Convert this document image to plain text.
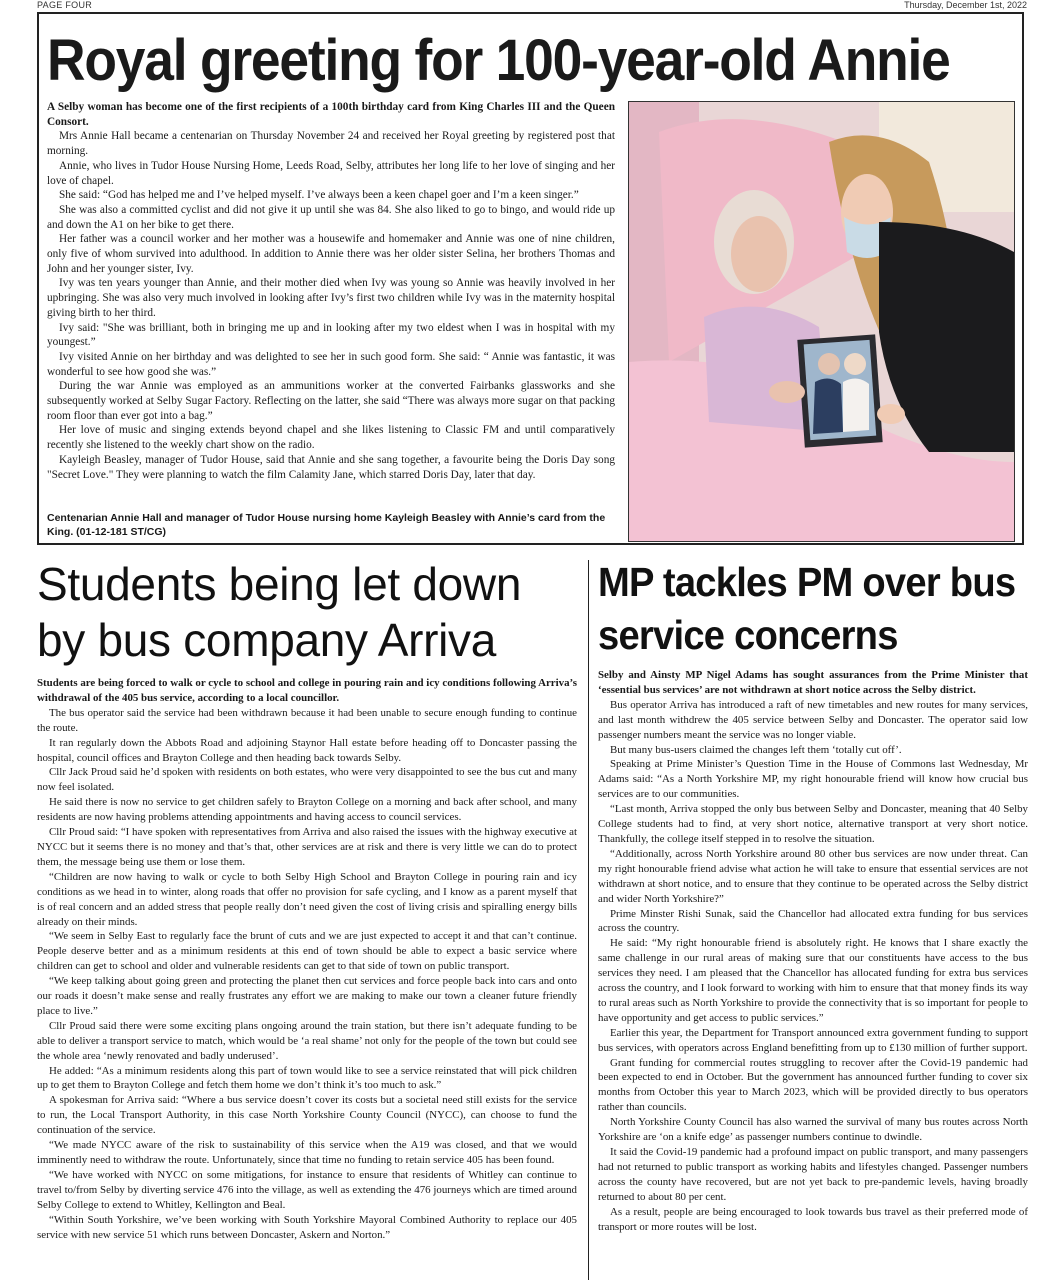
PAGE FOUR	Thursday, December 1st, 2022
Royal greeting for 100-year-old Annie

A Selby woman has become one of the first recipients of a 100th birthday card from King Charles III and the Queen Consort.

Mrs Annie Hall became a centenarian on Thursday November 24 and received her Royal greeting by registered post that morning.

Annie, who lives in Tudor House Nursing Home, Leeds Road, Selby, attributes her long life to her love of singing and her love of chapel.

She said: “God has helped me and I’ve helped myself. I’ve always been a keen chapel goer and I’m a keen singer.”

She was also a committed cyclist and did not give it up until she was 84. She also liked to go to bingo, and would ride up and down the A1 on her bike to get there.

Her father was a council worker and her mother was a housewife and homemaker and Annie was one of nine children, only five of whom survived into adulthood. In addition to Annie there was her older sister Selina, her brothers Thomas and John and her younger sister, Ivy.

Ivy was ten years younger than Annie, and their mother died when Ivy was young so Annie was heavily involved in her upbringing. She was also very much involved in looking after Ivy’s first two children while Ivy was in the maternity hospital giving birth to her third.

Ivy said: "She was brilliant, both in bringing me up and in looking after my two eldest when I was in hospital with my youngest.”

Ivy visited Annie on her birthday and was delighted to see her in such good form. She said: “ Annie was fantastic, it was wonderful to see how good she was.”

During the war Annie was employed as an ammunitions worker at the converted Fairbanks glassworks and she subsequently worked at Selby Sugar Factory. Reflecting on the latter, she said “There was always more sugar on that packing room floor than ever got into a bag.”

Her love of music and singing extends beyond chapel and she likes listening to Classic FM and until comparatively recently she listened to the weekly chart show on the radio.

Kayleigh Beasley, manager of Tudor House, said that Annie and she sang together, a favourite being the Doris Day song "Secret Love." They were planning to watch the film Calamity Jane, which starred Doris Day, later that day.

Centenarian Annie Hall and manager of Tudor House nursing home Kayleigh Beasley with Annie’s card from the King. (01-12-181 ST/CG)
Students being let down by bus company Arriva

Students are being forced to walk or cycle to school and college in pouring rain and icy conditions following Arriva’s withdrawal of the 405 bus service, according to a local councillor.

The bus operator said the service had been withdrawn because it had been unable to secure enough funding to continue the route.

It ran regularly down the Abbots Road and adjoining Staynor Hall estate before heading off to Doncaster passing the hospital, council offices and Brayton College and then heading back towards Selby.

Cllr Jack Proud said he’d spoken with residents on both estates, who were very disappointed to see the bus cut and many now feel isolated.

He said there is now no service to get children safely to Brayton College on a morning and back after school, and many residents are now having problems attending appointments and having access to council services.

Cllr Proud said: “I have spoken with representatives from Arriva and also raised the issues with the highway executive at NYCC but it seems there is no money and that’s that, other services are at risk and there is very little we can do to protect them, the message being use them or lose them.

“Children are now having to walk or cycle to both Selby High School and Brayton College in pouring rain and icy conditions as we head in to winter, along roads that offer no provision for safe cycling, and I know as a parent myself that is of real concern and an added stress that people really don’t need given the cost of living crisis and spiralling energy bills already on their minds.

“We seem in Selby East to regularly face the brunt of cuts and we are just expected to accept it and that can’t continue. People deserve better and as a minimum residents at this end of town should be able to expect a basic service where children can get to school and older and vulnerable residents can get to that side of town on public transport.

“We keep talking about going green and protecting the planet then cut services and force people back into cars and onto our roads it doesn’t make sense and really frustrates any effort we are making to make our town a cleaner future friendly place to live.”

Cllr Proud said there were some exciting plans ongoing around the train station, but there isn’t adequate funding to be able to deliver a transport service to match, which would be ‘a real shame’ not only for the people of the town but could see the whole area ‘newly renovated and badly underused’.

He added: “As a minimum residents along this part of town would like to see a service reinstated that will pick children up to get them to Brayton College and fetch them home we don’t think it’s too much to ask.”

A spokesman for Arriva said: “Where a bus service doesn’t cover its costs but a societal need still exists for the service to run, the Local Transport Authority, in this case North Yorkshire County Council (NYCC), can choose to fund the continuation of the service.

“We made NYCC aware of the risk to sustainability of this service when the A19 was closed, and that we would imminently need to withdraw the route. Unfortunately, since that time no funding to retain service 405 has been found.

“We have worked with NYCC on some mitigations, for instance to ensure that residents of Whitley can continue to travel to/from Selby by diverting service 476 into the village, as well as extending the 476 journeys which are timed around Selby College to extend to Whitley, Kellington and Beal.

“Within South Yorkshire, we’ve been working with South Yorkshire Mayoral Combined Authority to replace our 405 service with new service 51 which runs between Doncaster, Askern and Norton.”

MP tackles PM over bus service concerns

Selby and Ainsty MP Nigel Adams has sought assurances from the Prime Minister that ‘essential bus services’ are not withdrawn at short notice across the Selby district.

Bus operator Arriva has introduced a raft of new timetables and new routes for many services, and last month withdrew the 405 service between Selby and Doncaster. The operator said low passenger numbers meant the service was no longer viable.

But many bus-users claimed the changes left them ‘totally cut off’.

Speaking at Prime Minister’s Question Time in the House of Commons last Wednesday, Mr Adams said: “As a North Yorkshire MP, my right honourable friend will know how crucial bus services are to our communities.

“Last month, Arriva stopped the only bus between Selby and Doncaster, meaning that 40 Selby College students had to find, at very short notice, alternative transport at very short notice. Thankfully, the college itself stepped in to resolve the situation.

“Additionally, across North Yorkshire around 80 other bus services are now under threat. Can my right honourable friend advise what action he will take to ensure that essential services are not withdrawn at short notice, and to ensure that they continue to be operated across the Selby district and wider North Yorkshire?”

Prime Minster Rishi Sunak, said the Chancellor had allocated extra funding for bus services across the country.

He said: “My right honourable friend is absolutely right. He knows that I share exactly the same challenge in our rural areas of making sure that our constituents have access to the bus services they need. I am pleased that the Chancellor has allocated funding for extra bus services across the country, and I look forward to working with him to ensure that that money finds its way to rural areas such as North Yorkshire to provide the connectivity that is so important for people to have opportunity and get access to public services.”

Earlier this year, the Department for Transport announced extra government funding to support bus services, with operators across England benefitting from up to £130 million of further support.

Grant funding for commercial routes struggling to recover after the Covid-19 pandemic had been expected to end in October. But the government has announced further funding to cover six months from October this year to March 2023, which will be provided directly to bus operators rather than councils.

North Yorkshire County Council has also warned the survival of many bus routes across North Yorkshire are ‘on a knife edge’ as passenger numbers continue to dwindle.

It said the Covid-19 pandemic had a profound impact on public transport, and many passengers had not returned to public transport as working habits and lifestyles changed. Passenger numbers across the county have recovered, but are not yet back to pre-pandemic levels, having broadly returned to about 80 per cent.

As a result, people are being encouraged to look towards bus travel as their preferred mode of transport or more routes will be lost.
